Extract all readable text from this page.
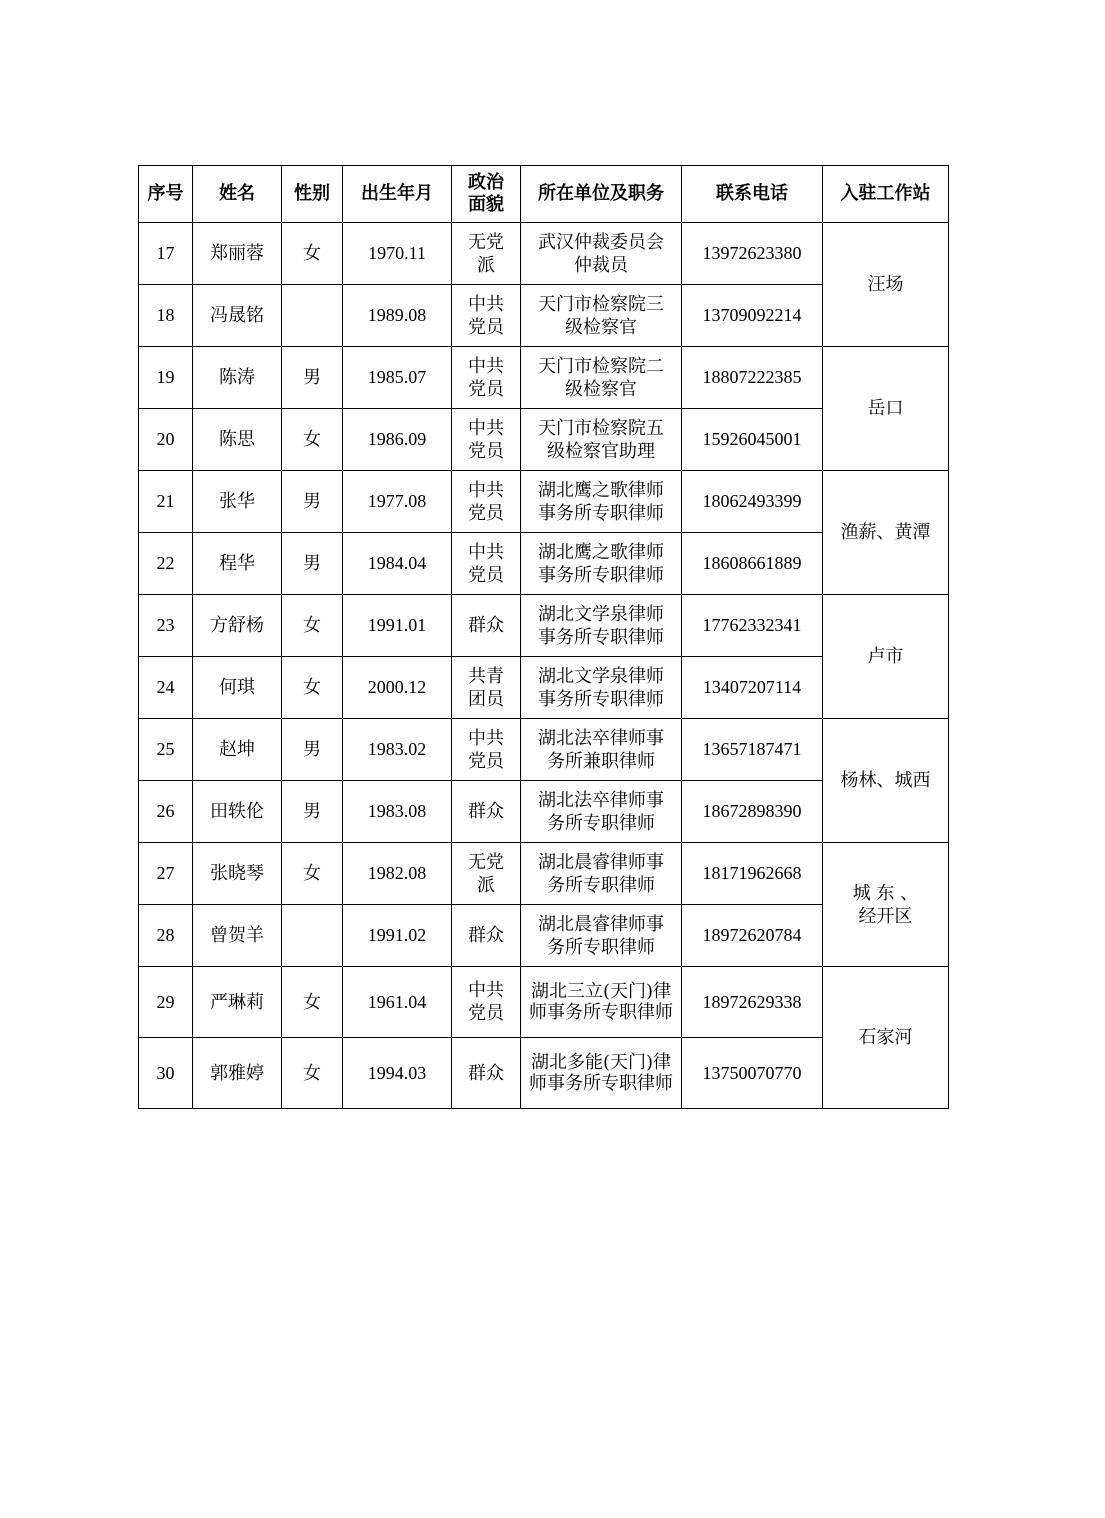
序号	姓名	性别	出生年月	政治面貌	所在单位及职务	联系电话	入驻工作站
17	郑丽蓉	女	1970.11	无党派	武汉仲裁委员会仲裁员	13972623380	汪场
18	冯晟铭		1989.08	中共党员	天门市检察院三级检察官	13709092214	
19	陈涛	男	1985.07	中共党员	天门市检察院二级检察官	18807222385	岳口
20	陈思	女	1986.09	中共党员	天门市检察院五级检察官助理	15926045001	
21	张华	男	1977.08	中共党员	湖北鹰之歌律师事务所专职律师	18062493399	渔薪、黄潭
22	程华	男	1984.04	中共党员	湖北鹰之歌律师事务所专职律师	18608661889	
23	方舒杨	女	1991.01	群众	湖北文学泉律师事务所专职律师	17762332341	卢市
24	何琪	女	2000.12	共青团员	湖北文学泉律师事务所专职律师	13407207114	
25	赵坤	男	1983.02	中共党员	湖北法卒律师事务所兼职律师	13657187471	杨林、城西
26	田轶伦	男	1983.08	群众	湖北法卒律师事务所专职律师	18672898390	
27	张晓琴	女	1982.08	无党派	湖北晨睿律师事务所专职律师	18171962668	城 东 、经开区
28	曾贺羊		1991.02	群众	湖北晨睿律师事务所专职律师	18972620784	
29	严琳莉	女	1961.04	中共党员	湖北三立(天门)律师事务所专职律师	18972629338	石家河
30	郭雅婷	女	1994.03	群众	湖北多能(天门)律师事务所专职律师	13750070770	
